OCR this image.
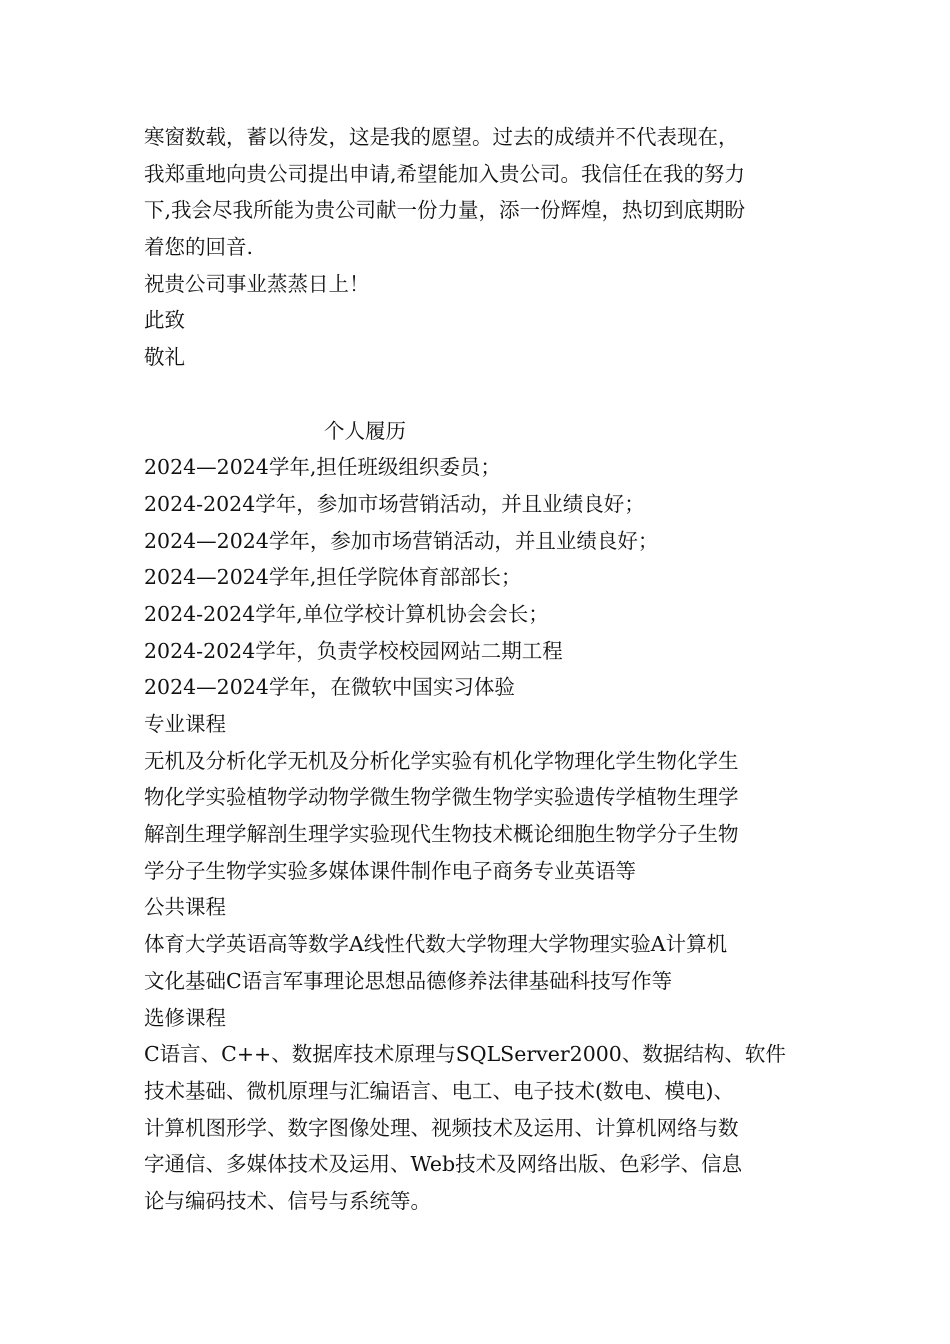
寒窗数载，蓄以待发，这是我的愿望。过去的成绩并不代表现在，
我郑重地向贵公司提出申请,希望能加入贵公司。我信任在我的努力
下,我会尽我所能为贵公司献一份力量，添一份辉煌，热切到底期盼
着您的回音.
祝贵公司事业蒸蒸日上！
此致
敬礼
个人履历
2024—2024学年,担任班级组织委员；
2024-2024学年，参加市场营销活动，并且业绩良好；
2024—2024学年，参加市场营销活动，并且业绩良好；
2024—2024学年,担任学院体育部部长；
2024-2024学年,单位学校计算机协会会长；
2024-2024学年，负责学校校园网站二期工程
2024—2024学年，在微软中国实习体验
专业课程
无机及分析化学无机及分析化学实验有机化学物理化学生物化学生
物化学实验植物学动物学微生物学微生物学实验遗传学植物生理学
解剖生理学解剖生理学实验现代生物技术概论细胞生物学分子生物
学分子生物学实验多媒体课件制作电子商务专业英语等
公共课程
体育大学英语高等数学A线性代数大学物理大学物理实验A计算机
文化基础C语言军事理论思想品德修养法律基础科技写作等
选修课程
C语言、C++、数据库技术原理与SQLServer2000、数据结构、软件
技术基础、微机原理与汇编语言、电工、电子技术(数电、模电)、
计算机图形学、数字图像处理、视频技术及运用、计算机网络与数
字通信、多媒体技术及运用、Web技术及网络出版、色彩学、信息
论与编码技术、信号与系统等。
